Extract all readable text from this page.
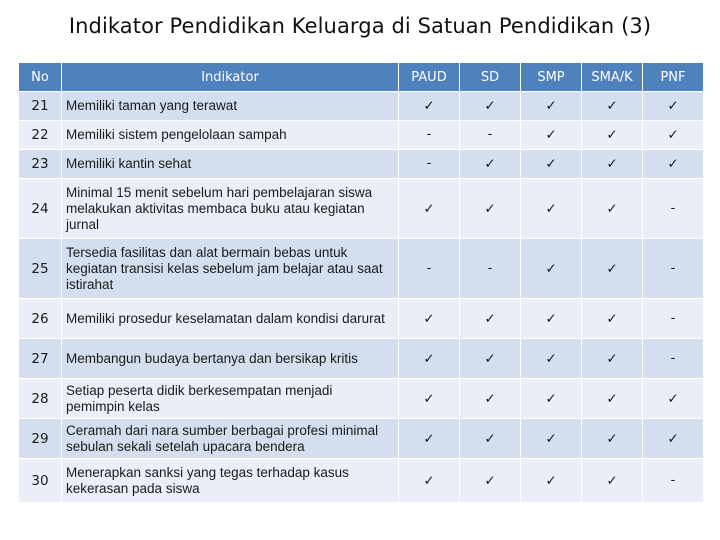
Indikator Pendidikan Keluarga di Satuan Pendidikan (3)
No	Indikator	PAUD	SD	SMP	SMA/K	PNF
21	Memiliki taman yang terawat	✓	✓	✓	✓	✓
22	Memiliki sistem pengelolaan sampah	-	-	✓	✓	✓
23	Memiliki kantin sehat	-	✓	✓	✓	✓
24	Minimal 15 menit sebelum hari pembelajaran siswa melakukan aktivitas membaca buku atau kegiatan jurnal	✓	✓	✓	✓	-
25	Tersedia fasilitas dan alat bermain bebas untuk kegiatan transisi kelas sebelum jam belajar atau saat istirahat	-	-	✓	✓	-
26	Memiliki prosedur keselamatan dalam kondisi darurat	✓	✓	✓	✓	-
27	Membangun budaya bertanya dan bersikap kritis	✓	✓	✓	✓	-
28	Setiap peserta didik berkesempatan menjadi pemimpin kelas	✓	✓	✓	✓	✓
29	Ceramah dari nara sumber berbagai profesi minimal sebulan sekali setelah upacara bendera	✓	✓	✓	✓	✓
30	Menerapkan sanksi yang tegas terhadap kasus kekerasan pada siswa	✓	✓	✓	✓	-
